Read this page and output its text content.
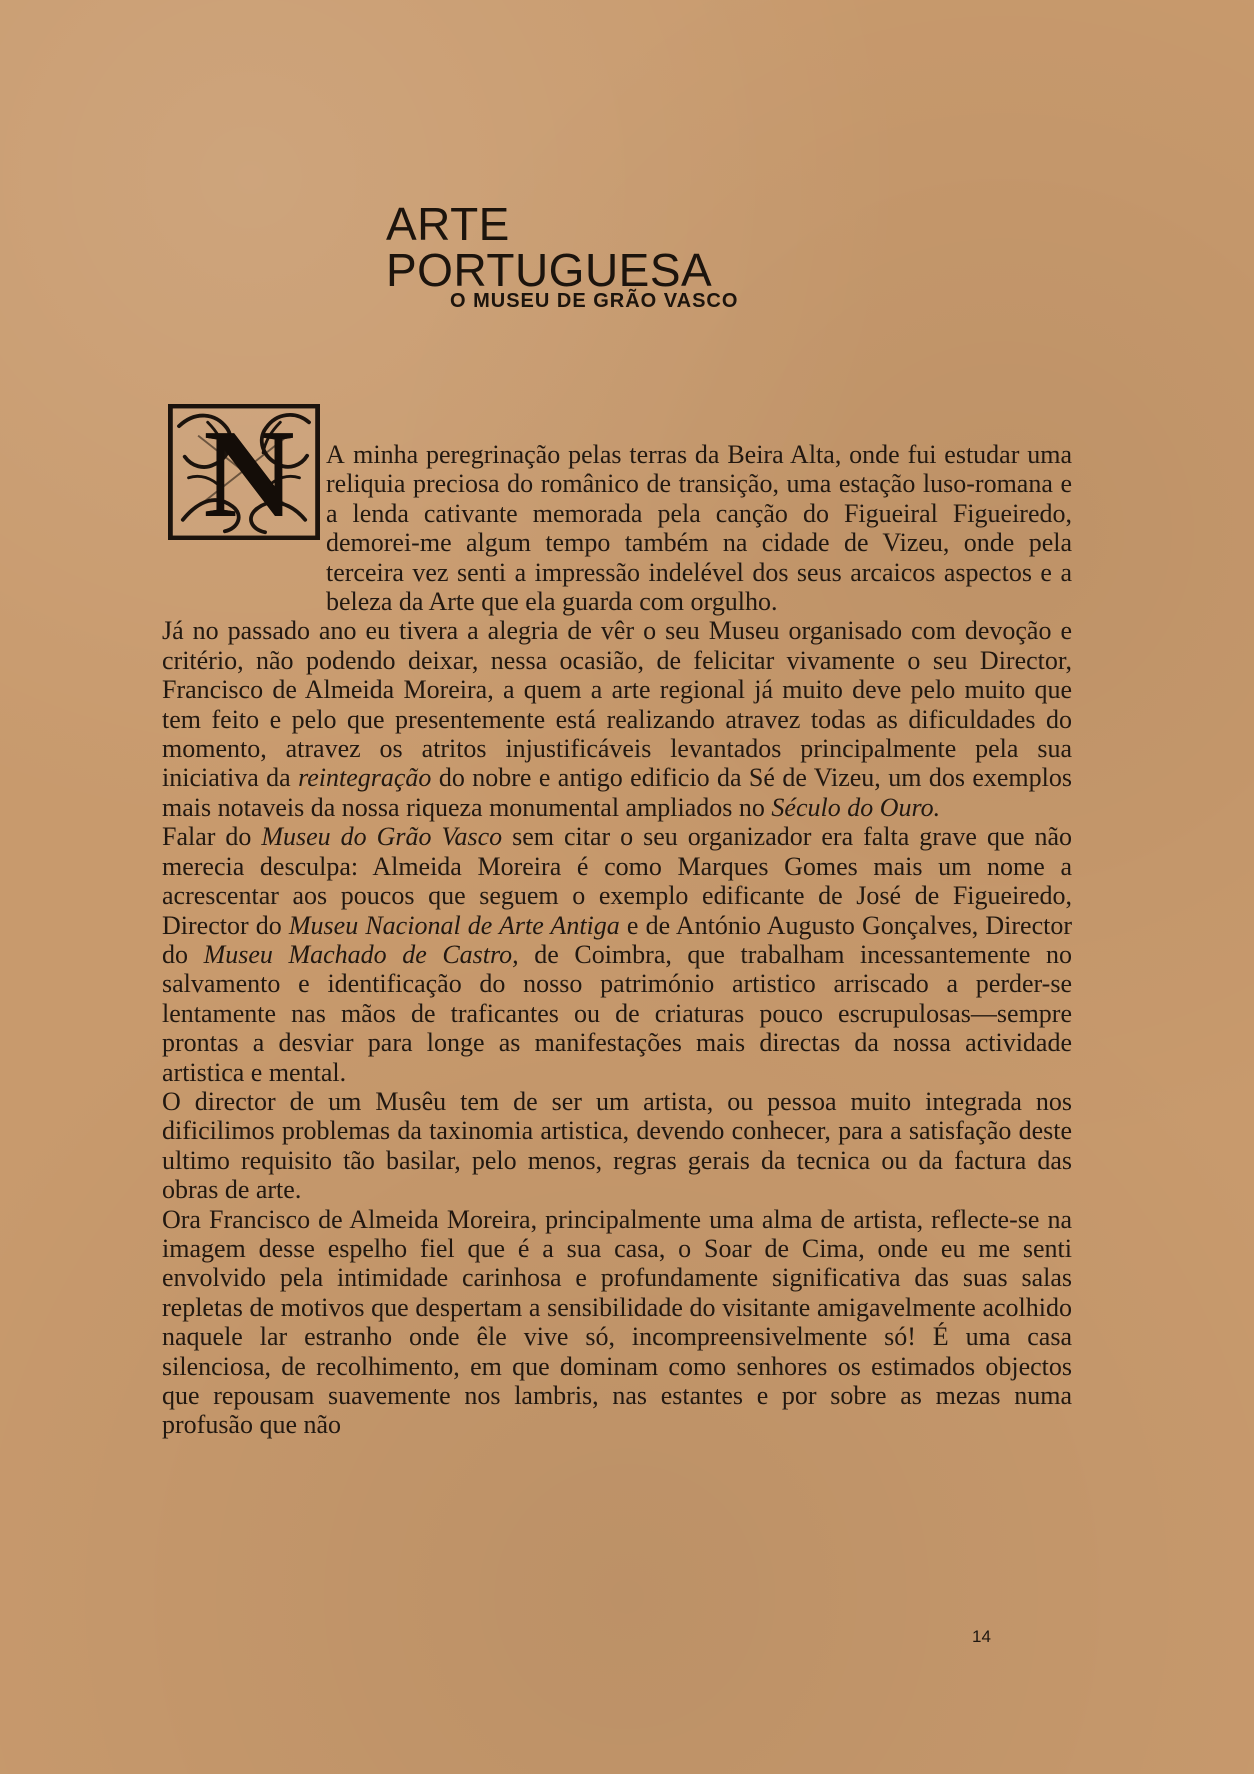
ARTE PORTUGUESA
O MUSEU DE GRÃO VASCO
N	A minha peregrinação pelas terras da Beira Alta, onde fui estudar uma reliquia preciosa do românico de transição, uma estação luso-romana e a lenda cativante memorada pela canção do Figueiral Figueiredo, demorei-me algum tempo também na cidade de Vizeu, onde pela terceira vez senti a impressão indelével dos seus arcaicos aspectos e a beleza da Arte que ela guarda com orgulho.

Já no passado ano eu tivera a alegria de vêr o seu Museu organisado com devoção e critério, não podendo deixar, nessa ocasião, de felicitar vivamente o seu Director, Francisco de Almeida Moreira, a quem a arte regional já muito deve pelo muito que tem feito e pelo que presentemente está realizando atravez todas as dificuldades do momento, atravez os atritos injustificáveis levantados principalmente pela sua iniciativa da reintegração do nobre e antigo edificio da Sé de Vizeu, um dos exemplos mais notaveis da nossa riqueza monumental ampliados no Século do Ouro.

Falar do Museu do Grão Vasco sem citar o seu organizador era falta grave que não merecia desculpa: Almeida Moreira é como Marques Gomes mais um nome a acrescentar aos poucos que seguem o exemplo edificante de José de Figueiredo, Director do Museu Nacional de Arte Antiga e de António Augusto Gonçalves, Director do Museu Machado de Castro, de Coimbra, que trabalham incessantemente no salvamento e identificação do nosso património artistico arriscado a perder-se lentamente nas mãos de traficantes ou de criaturas pouco escrupulosas—sempre prontas a desviar para longe as manifestações mais directas da nossa actividade artistica e mental.

O director de um Musêu tem de ser um artista, ou pessoa muito integrada nos dificilimos problemas da taxinomia artistica, devendo conhecer, para a satisfação deste ultimo requisito tão basilar, pelo menos, regras gerais da tecnica ou da factura das obras de arte.

Ora Francisco de Almeida Moreira, principalmente uma alma de artista, reflecte-se na imagem desse espelho fiel que é a sua casa, o Soar de Cima, onde eu me senti envolvido pela intimidade carinhosa e profundamente significativa das suas salas repletas de motivos que despertam a sensibilidade do visitante amigavelmente acolhido naquele lar estranho onde êle vive só, incompreensivelmente só! É uma casa silenciosa, de recolhimento, em que dominam como senhores os estimados objectos que repousam suavemente nos lambris, nas estantes e por sobre as mezas numa profusão que não

14
